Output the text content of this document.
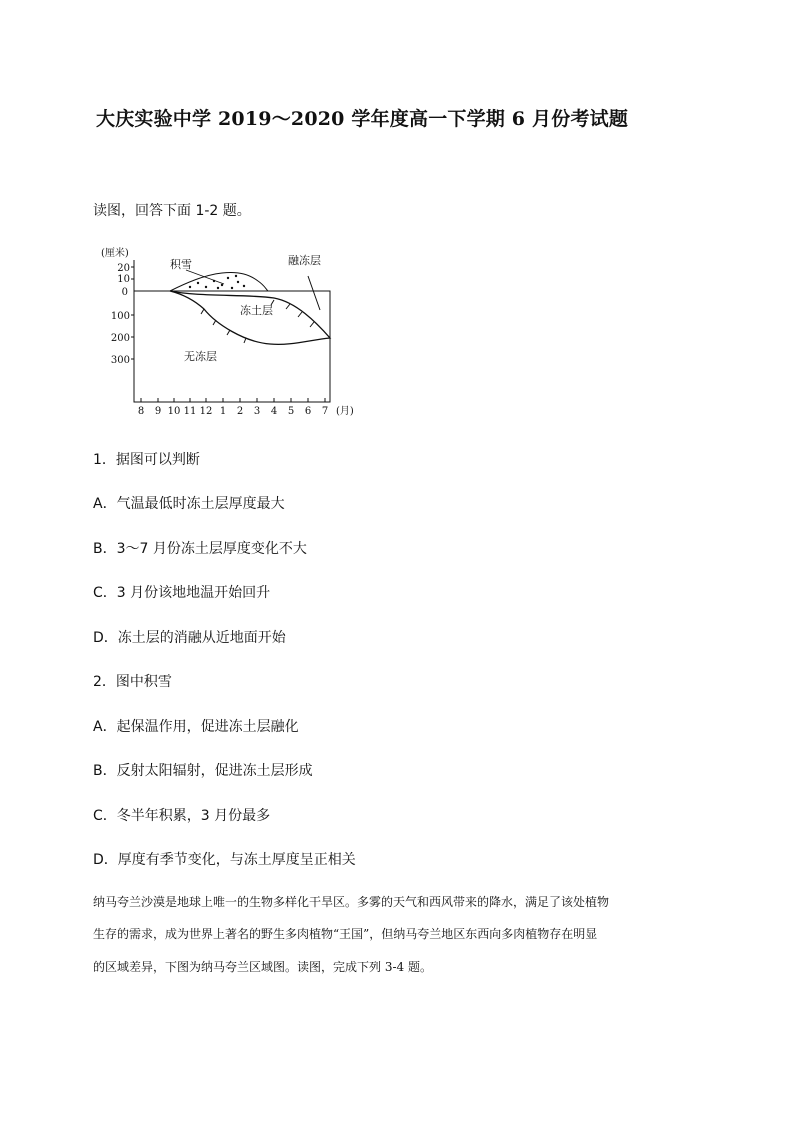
大庆实验中学 2019～2020 学年度高一下学期 6 月份考试题
读图，回答下面 1-2 题。
(厘米)
20
10
0
100
200
300
积雪	融冻层
冻土层
无冻层
8 9 10 11 12 1 2 3 4 5 6 7 (月)
1．据图可以判断
A．气温最低时冻土层厚度最大
B．3～7 月份冻土层厚度变化不大
C．3 月份该地地温开始回升
D．冻土层的消融从近地面开始
2．图中积雪
A．起保温作用，促进冻土层融化
B．反射太阳辐射，促进冻土层形成
C．冬半年积累，3 月份最多
D．厚度有季节变化，与冻土厚度呈正相关
纳马夸兰沙漠是地球上唯一的生物多样化干旱区。多雾的天气和西风带来的降水，满足了该处植物
生存的需求，成为世界上著名的野生多肉植物“王国”，但纳马夸兰地区东西向多肉植物存在明显
的区域差异，下图为纳马夸兰区域图。读图，完成下列 3-4 题。
